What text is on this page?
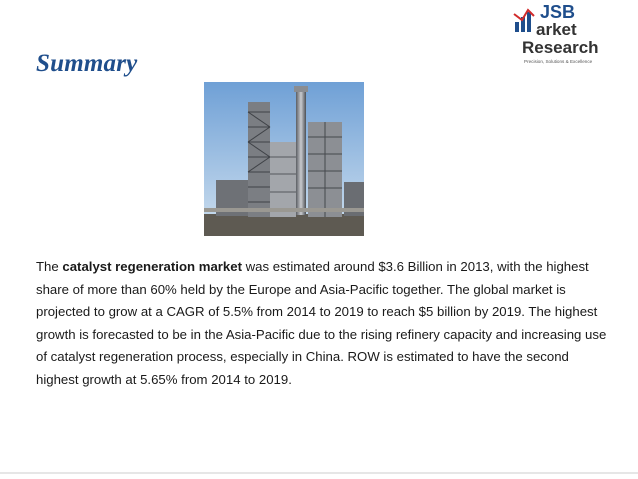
Summary
JSB
arket
Research
Precision, Solutions & Excellence
The catalyst regeneration market was estimated around $3.6 Billion in 2013, with the highest share of more than 60% held by the Europe and Asia-Pacific together. The global market is projected to grow at a CAGR of 5.5% from 2014 to 2019 to reach $5 billion by 2019. The highest growth is forecasted to be in the Asia-Pacific due to the rising refinery capacity and increasing use of catalyst regeneration process, especially in China. ROW is estimated to have the second highest growth at 5.65% from 2014 to 2019.
